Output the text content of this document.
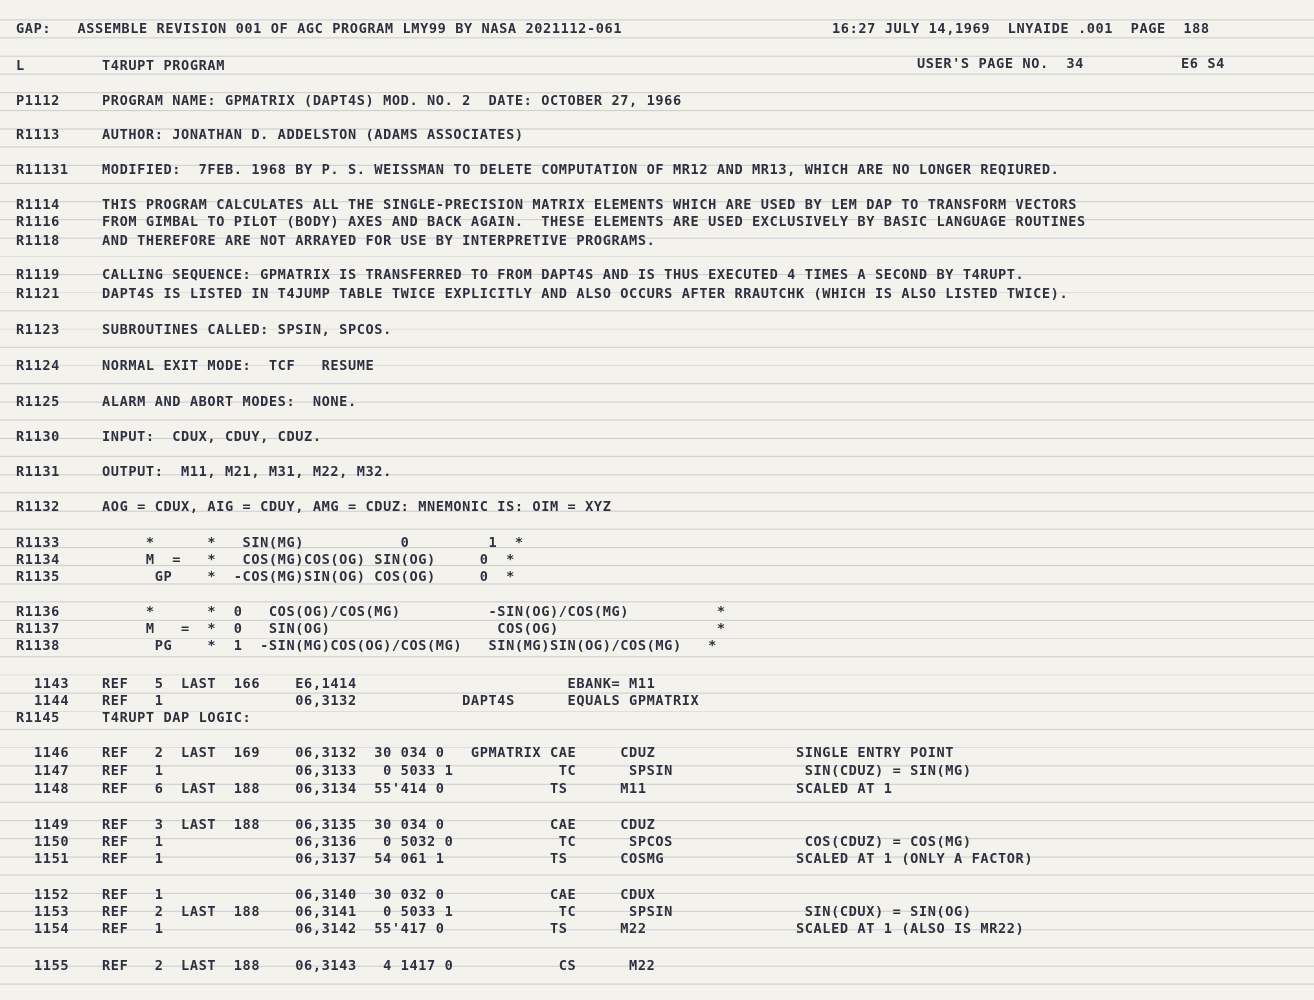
GAP:   ASSEMBLE REVISION 001 OF AGC PROGRAM LMY99 BY NASA 2021112-061	16:27 JULY 14,1969  LNYAIDE .001  PAGE  188
L	T4RUPT PROGRAM	USER'S PAGE NO.  34	E6 S4
P1112	PROGRAM NAME: GPMATRIX (DAPT4S) MOD. NO. 2  DATE: OCTOBER 27, 1966
R1113	AUTHOR: JONATHAN D. ADDELSTON (ADAMS ASSOCIATES)
R11131 MODIFIED:  7FEB. 1968 BY P. S. WEISSMAN TO DELETE COMPUTATION OF MR12 AND MR13, WHICH ARE NO LONGER REQIURED.
R1114	THIS PROGRAM CALCULATES ALL THE SINGLE-PRECISION MATRIX ELEMENTS WHICH ARE USED BY LEM DAP TO TRANSFORM VECTORS
R1116	FROM GIMBAL TO PILOT (BODY) AXES AND BACK AGAIN.  THESE ELEMENTS ARE USED EXCLUSIVELY BY BASIC LANGUAGE ROUTINES
R1118	AND THEREFORE ARE NOT ARRAYED FOR USE BY INTERPRETIVE PROGRAMS.
R1119	CALLING SEQUENCE: GPMATRIX IS TRANSFERRED TO FROM DAPT4S AND IS THUS EXECUTED 4 TIMES A SECOND BY T4RUPT.
R1121	DAPT4S IS LISTED IN T4JUMP TABLE TWICE EXPLICITLY AND ALSO OCCURS AFTER RRAUTCHK (WHICH IS ALSO LISTED TWICE).
R1123	SUBROUTINES CALLED: SPSIN, SPCOS.
R1124	NORMAL EXIT MODE:  TCF   RESUME
R1125	ALARM AND ABORT MODES:  NONE.
R1130	INPUT:  CDUX, CDUY, CDUZ.
R1131	OUTPUT:  M11, M21, M31, M22, M32.
R1132	AOG = CDUX, AIG = CDUY, AMG = CDUZ: MNEMONIC IS: OIM = XYZ
R1133	*      *   SIN(MG)           0         1  *
R1134	M  =   *   COS(MG)COS(OG) SIN(OG)     0  *
R1135	GP    *  -COS(MG)SIN(OG) COS(OG)     0  *
R1136	*      *  0   COS(OG)/COS(MG)          -SIN(OG)/COS(MG)          *
R1137	M   =  *  0   SIN(OG)                   COS(OG)                  *
R1138	PG    *  1  -SIN(MG)COS(OG)/COS(MG)   SIN(MG)SIN(OG)/COS(MG)   *
1143 REF   5  LAST  166    E6,1414                        EBANK= M11
1144 REF   1               06,3132            DAPT4S      EQUALS GPMATRIX
R1145	T4RUPT DAP LOGIC:
1146 REF   2  LAST  169    06,3132  30 034 0   GPMATRIX CAE     CDUZ                SINGLE ENTRY POINT
1147 REF   1               06,3133   0 5033 1            TC      SPSIN               SIN(CDUZ) = SIN(MG)
1148 REF   6  LAST  188    06,3134  55'414 0            TS      M11                 SCALED AT 1
1149 REF   3  LAST  188    06,3135  30 034 0            CAE     CDUZ
1150 REF   1               06,3136   0 5032 0            TC      SPCOS               COS(CDUZ) = COS(MG)
1151 REF   1               06,3137  54 061 1            TS      COSMG               SCALED AT 1 (ONLY A FACTOR)
1152 REF   1               06,3140  30 032 0            CAE     CDUX
1153 REF   2  LAST  188    06,3141   0 5033 1            TC      SPSIN               SIN(CDUX) = SIN(OG)
1154 REF   1               06,3142  55'417 0            TS      M22                 SCALED AT 1 (ALSO IS MR22)
1155 REF   2  LAST  188    06,3143   4 1417 0            CS      M22
